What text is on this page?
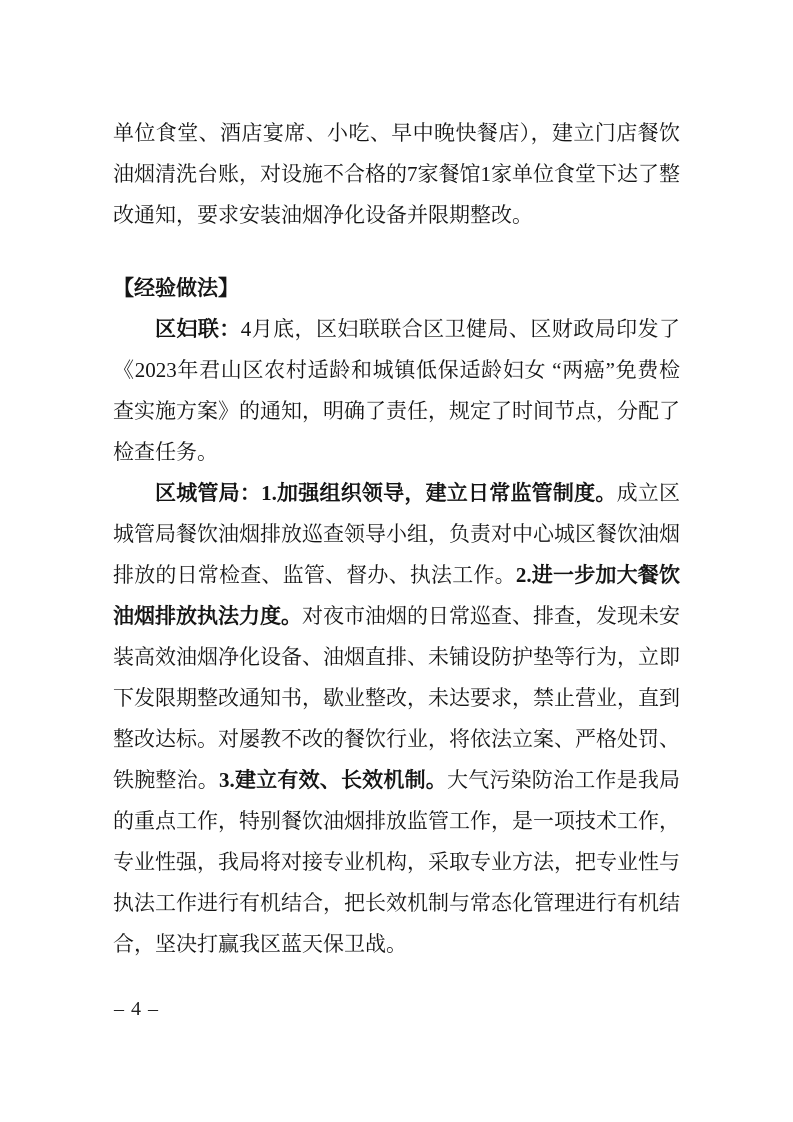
单位食堂、酒店宴席、小吃、早中晚快餐店），建立门店餐饮油烟清洗台账，对设施不合格的7家餐馆1家单位食堂下达了整改通知，要求安装油烟净化设备并限期整改。

【经验做法】

区妇联：4月底，区妇联联合区卫健局、区财政局印发了《2023年君山区农村适龄和城镇低保适龄妇女 “两癌”免费检查实施方案》的通知，明确了责任，规定了时间节点，分配了检查任务。

区城管局：1.加强组织领导，建立日常监管制度。成立区城管局餐饮油烟排放巡查领导小组，负责对中心城区餐饮油烟排放的日常检查、监管、督办、执法工作。2.进一步加大餐饮油烟排放执法力度。对夜市油烟的日常巡查、排查，发现未安装高效油烟净化设备、油烟直排、未铺设防护垫等行为，立即下发限期整改通知书，歇业整改，未达要求，禁止营业，直到整改达标。对屡教不改的餐饮行业，将依法立案、严格处罚、铁腕整治。3.建立有效、长效机制。大气污染防治工作是我局的重点工作，特别餐饮油烟排放监管工作，是一项技术工作，专业性强，我局将对接专业机构，采取专业方法，把专业性与执法工作进行有机结合，把长效机制与常态化管理进行有机结合，坚决打赢我区蓝天保卫战。

– 4 –
